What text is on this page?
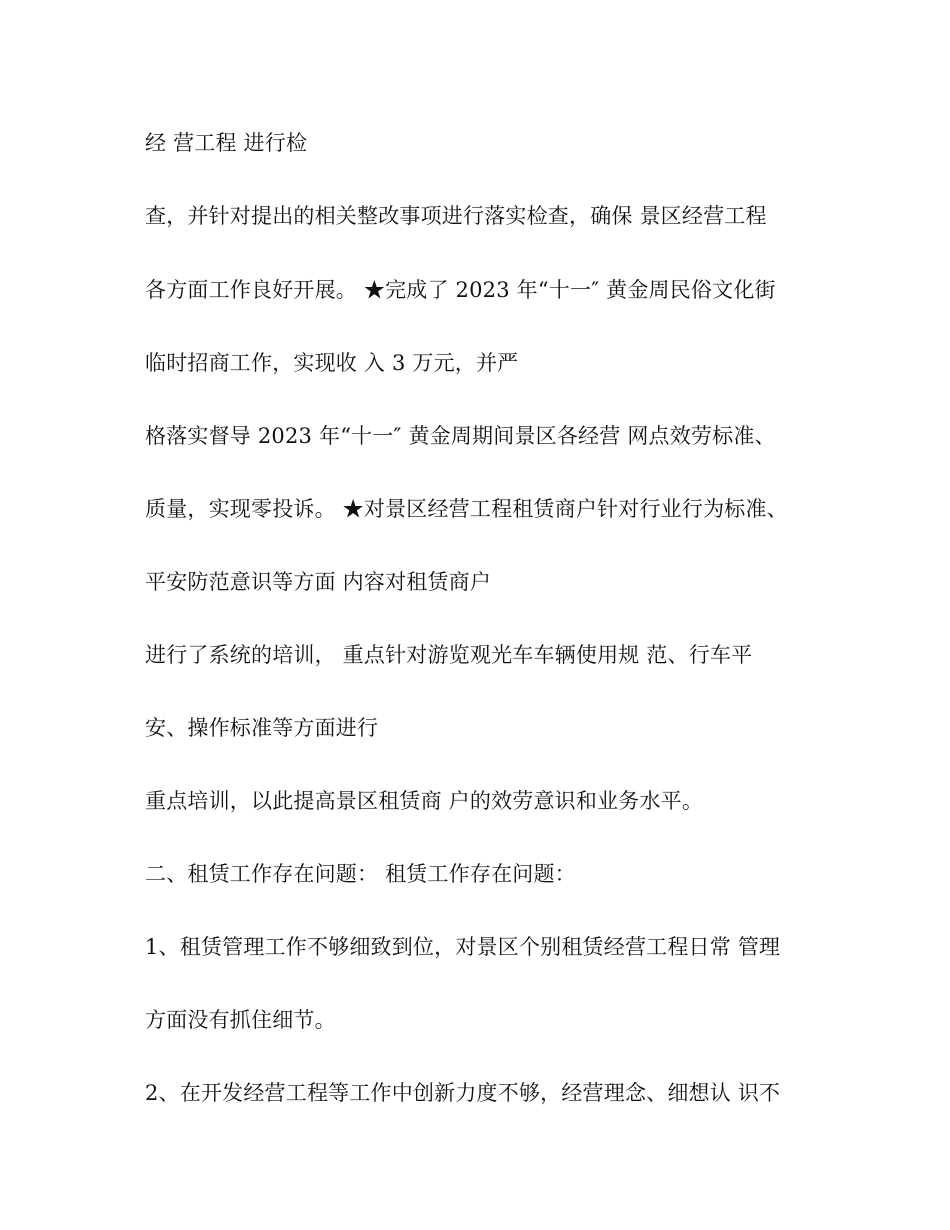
经 营工程 进行检
查，并针对提出的相关整改事项进行落实检查，确保 景区经营工程
各方面工作良好开展。 ★完成了 2023 年“十一″ 黄金周民俗文化街
临时招商工作，实现收 入 3 万元，并严
格落实督导 2023 年“十一″ 黄金周期间景区各经营 网点效劳标准、
质量，实现零投诉。 ★对景区经营工程租赁商户针对行业行为标准、
平安防范意识等方面 内容对租赁商户
进行了系统的培训， 重点针对游览观光车车辆使用规 范、行车平
安、操作标准等方面进行
重点培训，以此提高景区租赁商 户的效劳意识和业务水平。
二、租赁工作存在问题： 租赁工作存在问题：
1、租赁管理工作不够细致到位，对景区个别租赁经营工程日常 管理
方面没有抓住细节。
2、在开发经营工程等工作中创新力度不够，经营理念、细想认 识不
